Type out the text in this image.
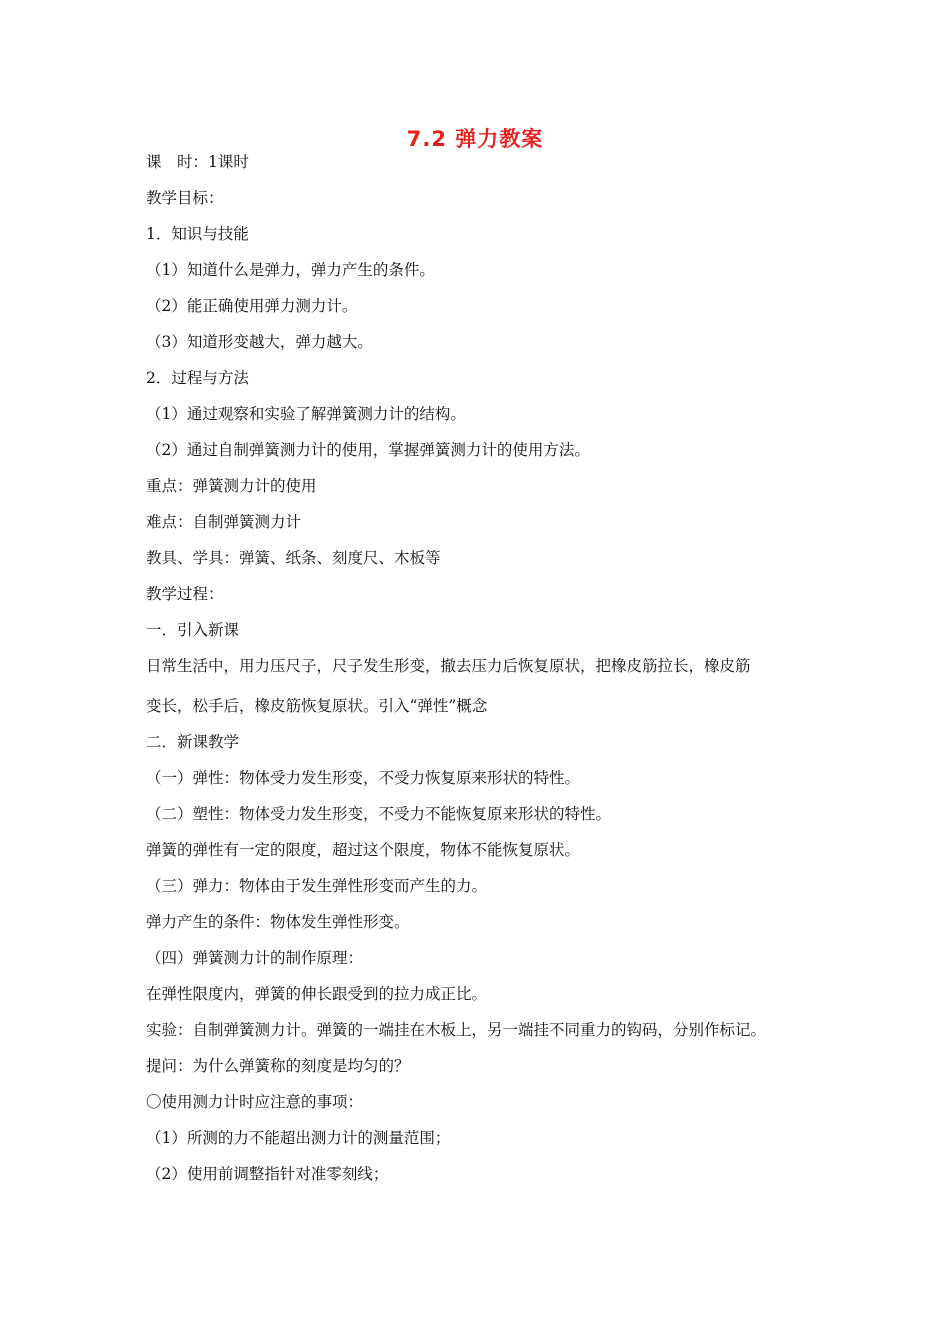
7.2 弹力教案

课　时：1课时

教学目标：

1．知识与技能

（1）知道什么是弹力，弹力产生的条件。

（2）能正确使用弹力测力计。

（3）知道形变越大，弹力越大。

2．过程与方法

（1）通过观察和实验了解弹簧测力计的结构。

（2）通过自制弹簧测力计的使用，掌握弹簧测力计的使用方法。

重点：弹簧测力计的使用

难点：自制弹簧测力计

教具、学具：弹簧、纸条、刻度尺、木板等

教学过程：

一．引入新课

日常生活中，用力压尺子，尺子发生形变，撤去压力后恢复原状，把橡皮筋拉长，橡皮筋

变长，松手后，橡皮筋恢复原状。引入“弹性”概念

二．新课教学

（一）弹性：物体受力发生形变，不受力恢复原来形状的特性。

（二）塑性：物体受力发生形变，不受力不能恢复原来形状的特性。

弹簧的弹性有一定的限度，超过这个限度，物体不能恢复原状。

（三）弹力：物体由于发生弹性形变而产生的力。

弹力产生的条件：物体发生弹性形变。

（四）弹簧测力计的制作原理：

在弹性限度内，弹簧的伸长跟受到的拉力成正比。

实验：自制弹簧测力计。弹簧的一端挂在木板上，另一端挂不同重力的钩码，分别作标记。

提问：为什么弹簧称的刻度是均匀的？

〇使用测力计时应注意的事项：

（1）所测的力不能超出测力计的测量范围；

（2）使用前调整指针对准零刻线；
